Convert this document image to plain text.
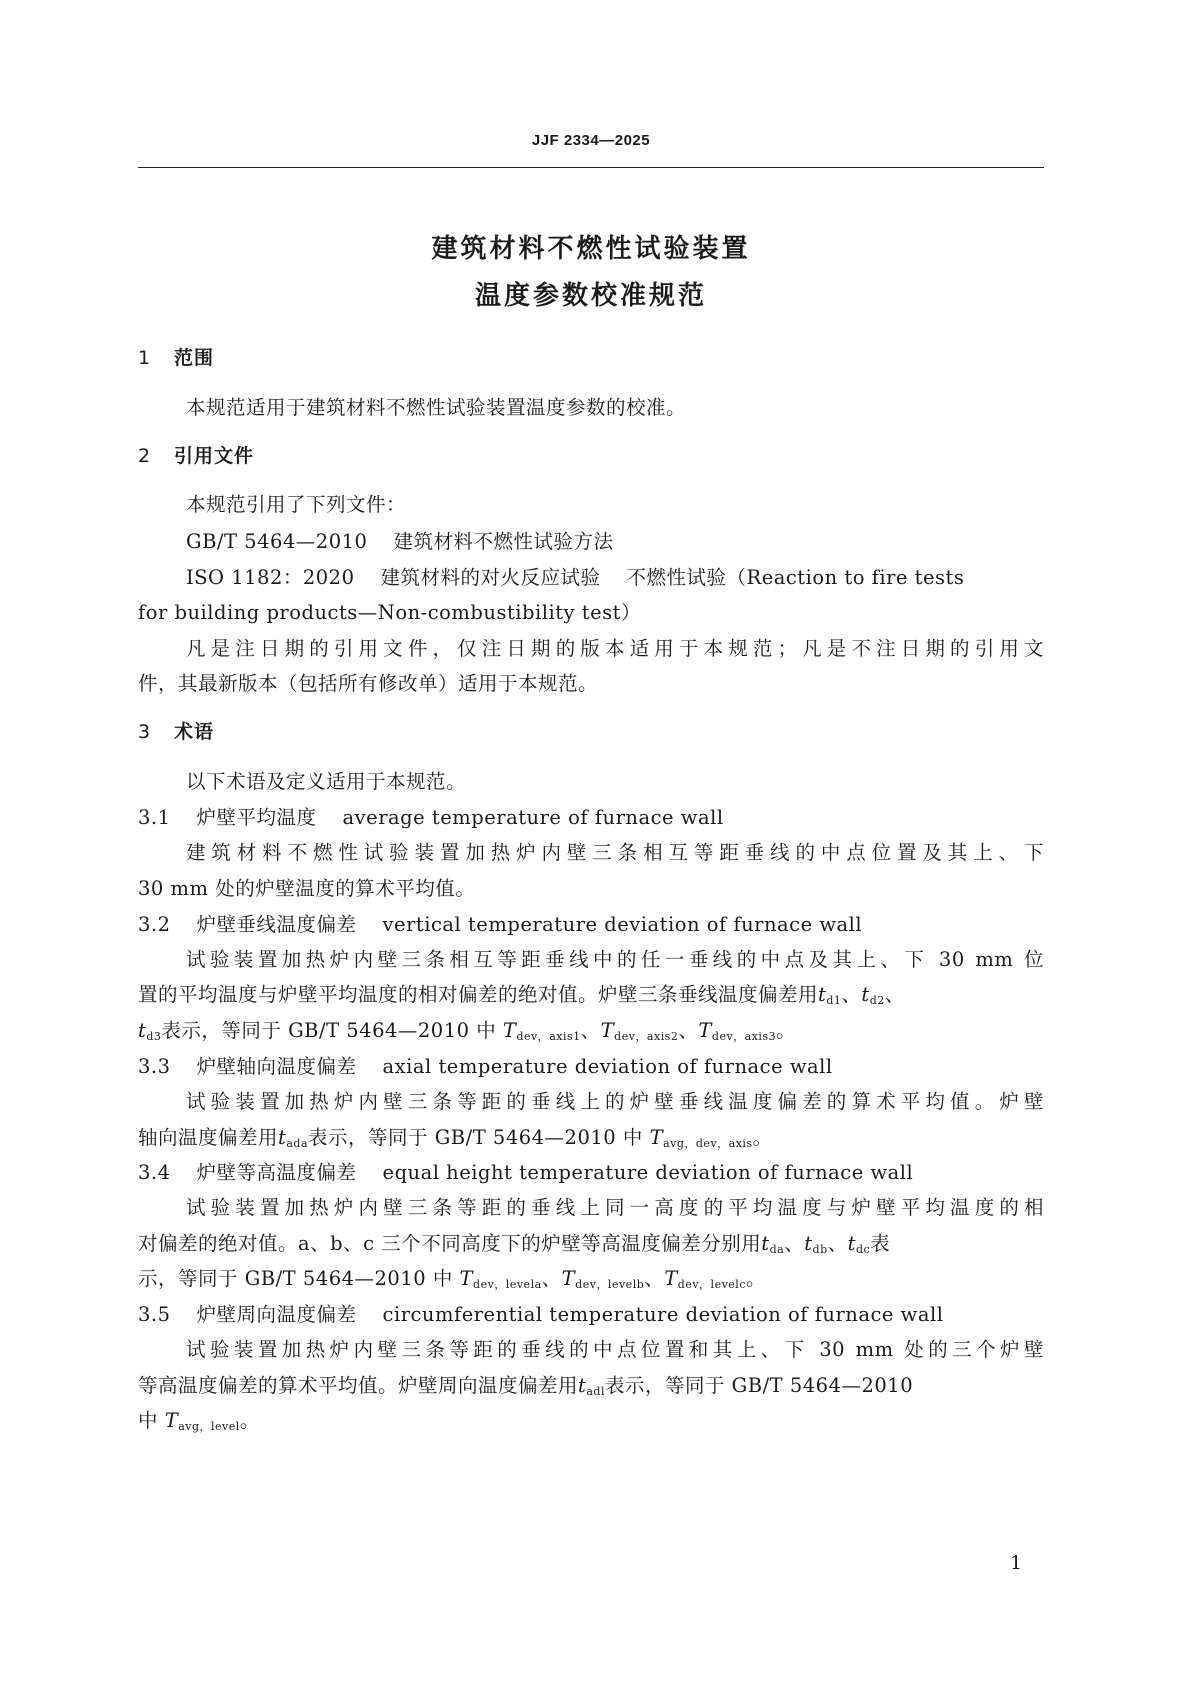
JJF 2334—2025
建筑材料不燃性试验装置
温度参数校准规范
1 范围
本规范适用于建筑材料不燃性试验装置温度参数的校准。
2 引用文件
本规范引用了下列文件：
GB/T 5464—2010 建筑材料不燃性试验方法
ISO 1182：2020 建筑材料的对火反应试验 不燃性试验（Reaction to fire tests
for building products—Non-combustibility test）
凡是注日期的引用文件，仅注日期的版本适用于本规范；凡是不注日期的引用文
件，其最新版本（包括所有修改单）适用于本规范。
3 术语
以下术语及定义适用于本规范。
3.1 炉壁平均温度 average temperature of furnace wall
建筑材料不燃性试验装置加热炉内壁三条相互等距垂线的中点位置及其上、下
30 mm 处的炉壁温度的算术平均值。
3.2 炉壁垂线温度偏差 vertical temperature deviation of furnace wall
试验装置加热炉内壁三条相互等距垂线中的任一垂线的中点及其上、下 30 mm 位
置的平均温度与炉壁平均温度的相对偏差的绝对值。炉壁三条垂线温度偏差用$t_{d1}$、$t_{d2}$、
$t_{d3}$表示，等同于 GB/T 5464—2010 中 $T_{dev,axis1}$、$T_{dev,axis2}$、$T_{dev,axis3}$。
3.3 炉壁轴向温度偏差 axial temperature deviation of furnace wall
试验装置加热炉内壁三条等距的垂线上的炉壁垂线温度偏差的算术平均值。炉壁
轴向温度偏差用$t_{ada}$表示，等同于 GB/T 5464—2010 中 $T_{avg,dev,axis}$。
3.4 炉壁等高温度偏差 equal height temperature deviation of furnace wall
试验装置加热炉内壁三条等距的垂线上同一高度的平均温度与炉壁平均温度的相
对偏差的绝对值。a、b、c 三个不同高度下的炉壁等高温度偏差分别用$t_{da}$、$t_{db}$、$t_{dc}$表
示，等同于 GB/T 5464—2010 中 $T_{dev,levela}$、$T_{dev,levelb}$、$T_{dev,levelc}$。
3.5 炉壁周向温度偏差 circumferential temperature deviation of furnace wall
试验装置加热炉内壁三条等距的垂线的中点位置和其上、下 30 mm 处的三个炉壁
等高温度偏差的算术平均值。炉壁周向温度偏差用$t_{adl}$表示，等同于 GB/T 5464—2010
中 $T_{avg,level}$。
1
